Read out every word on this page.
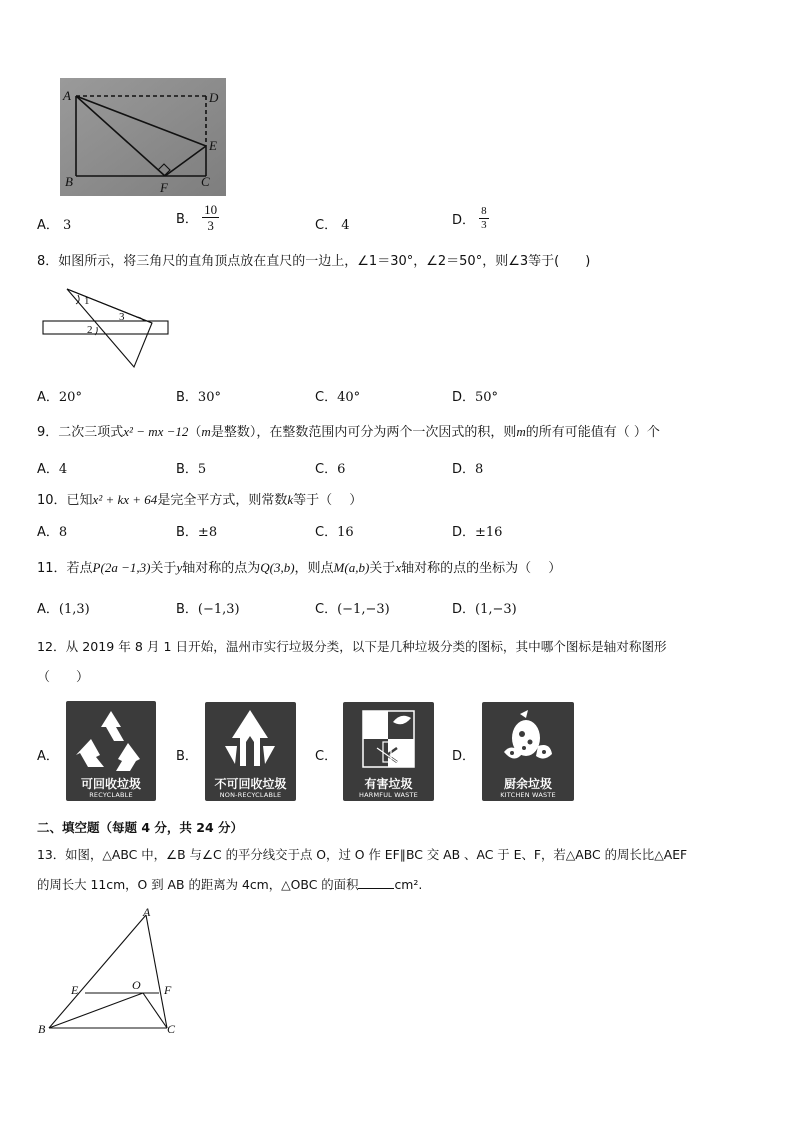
A	D
E
B	F	C
A． 3	B． $\frac{10}{3}$	C． 4	D． $\frac{8}{3}$
8．如图所示，将三角尺的直角顶点放在直尺的一边上，∠1＝30°，∠2＝50°，则∠3等于(　　)
1
2
3
A．20°	B．30°	C．40°	D．50°
9．二次三项式x² − mx −12（m是整数），在整数范围内可分为两个一次因式的积，则m的所有可能值有（ ）个
A．4	B．5	C．6	D．8
10．已知x² + kx + 64是完全平方式，则常数k等于（　 ）
A．8	B．±8	C．16	D．±16
11．若点P(2a −1,3)关于y轴对称的点为Q(3,b)，则点M(a,b)关于x轴对称的点的坐标为（　 ）
A．(1,3)	B．(−1,3)	C．(−1,−3)	D．(1,−3)
12．从 2019 年 8 月 1 日开始，温州市实行垃圾分类，以下是几种垃圾分类的图标，其中哪个图标是轴对称图形
（　　）
A．
可回收垃圾
RECYCLABLE
B．
不可回收垃圾
NON-RECYCLABLE
C．
有害垃圾
HARMFUL WASTE
D．
厨余垃圾
KITCHEN WASTE
二、填空题（每题 4 分，共 24 分）
13．如图，△ABC 中，∠B 与∠C 的平分线交于点 O，过 O 作 EF∥BC 交 AB 、AC 于 E、F，若△ABC 的周长比△AEF
的周长大 11cm，O 到 AB 的距离为 4cm，△OBC 的面积	cm².
A
E	O F
B	C
